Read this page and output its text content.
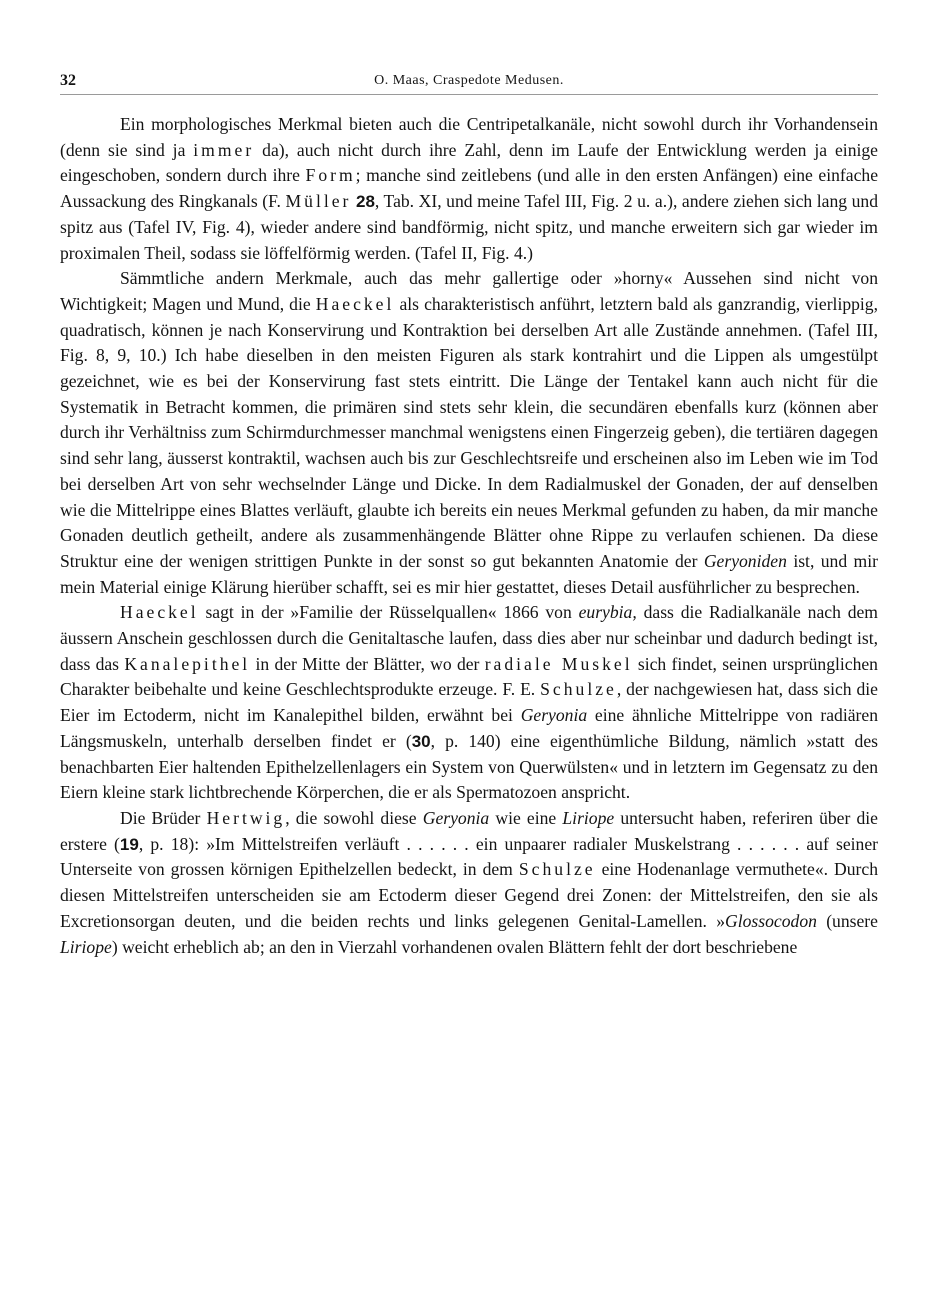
32	O. Maas, Craspedote Medusen.

Ein morphologisches Merkmal bieten auch die Centripetalkanäle, nicht sowohl durch ihr Vorhandensein (denn sie sind ja immer da), auch nicht durch ihre Zahl, denn im Laufe der Entwicklung werden ja einige eingeschoben, sondern durch ihre Form; manche sind zeitlebens (und alle in den ersten Anfängen) eine einfache Aussackung des Ringkanals (F. Müller 28, Tab. XI, und meine Tafel III, Fig. 2 u. a.), andere ziehen sich lang und spitz aus (Tafel IV, Fig. 4), wieder andere sind bandförmig, nicht spitz, und manche erweitern sich gar wieder im proximalen Theil, sodass sie löffelförmig werden. (Tafel II, Fig. 4.)

Sämmtliche andern Merkmale, auch das mehr gallertige oder »horny« Aussehen sind nicht von Wichtigkeit; Magen und Mund, die Haeckel als charakteristisch anführt, letztern bald als ganzrandig, vierlippig, quadratisch, können je nach Konservirung und Kontraktion bei derselben Art alle Zustände annehmen. (Tafel III, Fig. 8, 9, 10.) Ich habe dieselben in den meisten Figuren als stark kontrahirt und die Lippen als umgestülpt gezeichnet, wie es bei der Konservirung fast stets eintritt. Die Länge der Tentakel kann auch nicht für die Systematik in Betracht kommen, die primären sind stets sehr klein, die secundären ebenfalls kurz (können aber durch ihr Verhältniss zum Schirmdurchmesser manchmal wenigstens einen Fingerzeig geben), die tertiären dagegen sind sehr lang, äusserst kontraktil, wachsen auch bis zur Geschlechtsreife und erscheinen also im Leben wie im Tod bei derselben Art von sehr wechselnder Länge und Dicke. In dem Radialmuskel der Gonaden, der auf denselben wie die Mittelrippe eines Blattes verläuft, glaubte ich bereits ein neues Merkmal gefunden zu haben, da mir manche Gonaden deutlich getheilt, andere als zusammenhängende Blätter ohne Rippe zu verlaufen schienen. Da diese Struktur eine der wenigen strittigen Punkte in der sonst so gut bekannten Anatomie der Geryoniden ist, und mir mein Material einige Klärung hierüber schafft, sei es mir hier gestattet, dieses Detail ausführlicher zu besprechen.

Haeckel sagt in der »Familie der Rüsselquallen« 1866 von eurybia, dass die Radialkanäle nach dem äussern Anschein geschlossen durch die Genitaltasche laufen, dass dies aber nur scheinbar und dadurch bedingt ist, dass das Kanalepithel in der Mitte der Blätter, wo der radiale Muskel sich findet, seinen ursprünglichen Charakter beibehalte und keine Geschlechtsprodukte erzeuge. F. E. Schulze, der nachgewiesen hat, dass sich die Eier im Ectoderm, nicht im Kanalepithel bilden, erwähnt bei Geryonia eine ähnliche Mittelrippe von radiären Längsmuskeln, unterhalb derselben findet er (30, p. 140) eine eigenthümliche Bildung, nämlich »statt des benachbarten Eier haltenden Epithelzellenlagers ein System von Querwülsten« und in letztern im Gegensatz zu den Eiern kleine stark lichtbrechende Körperchen, die er als Spermatozoen anspricht.

Die Brüder Hertwig, die sowohl diese Geryonia wie eine Liriope untersucht haben, referiren über die erstere (19, p. 18): »Im Mittelstreifen verläuft . . . . . . ein unpaarer radialer Muskelstrang . . . . . . auf seiner Unterseite von grossen körnigen Epithelzellen bedeckt, in dem Schulze eine Hodenanlage vermuthete«. Durch diesen Mittelstreifen unterscheiden sie am Ectoderm dieser Gegend drei Zonen: der Mittelstreifen, den sie als Excretionsorgan deuten, und die beiden rechts und links gelegenen Genital-Lamellen. »Glossocodon (unsere Liriope) weicht erheblich ab; an den in Vierzahl vorhandenen ovalen Blättern fehlt der dort beschriebene
